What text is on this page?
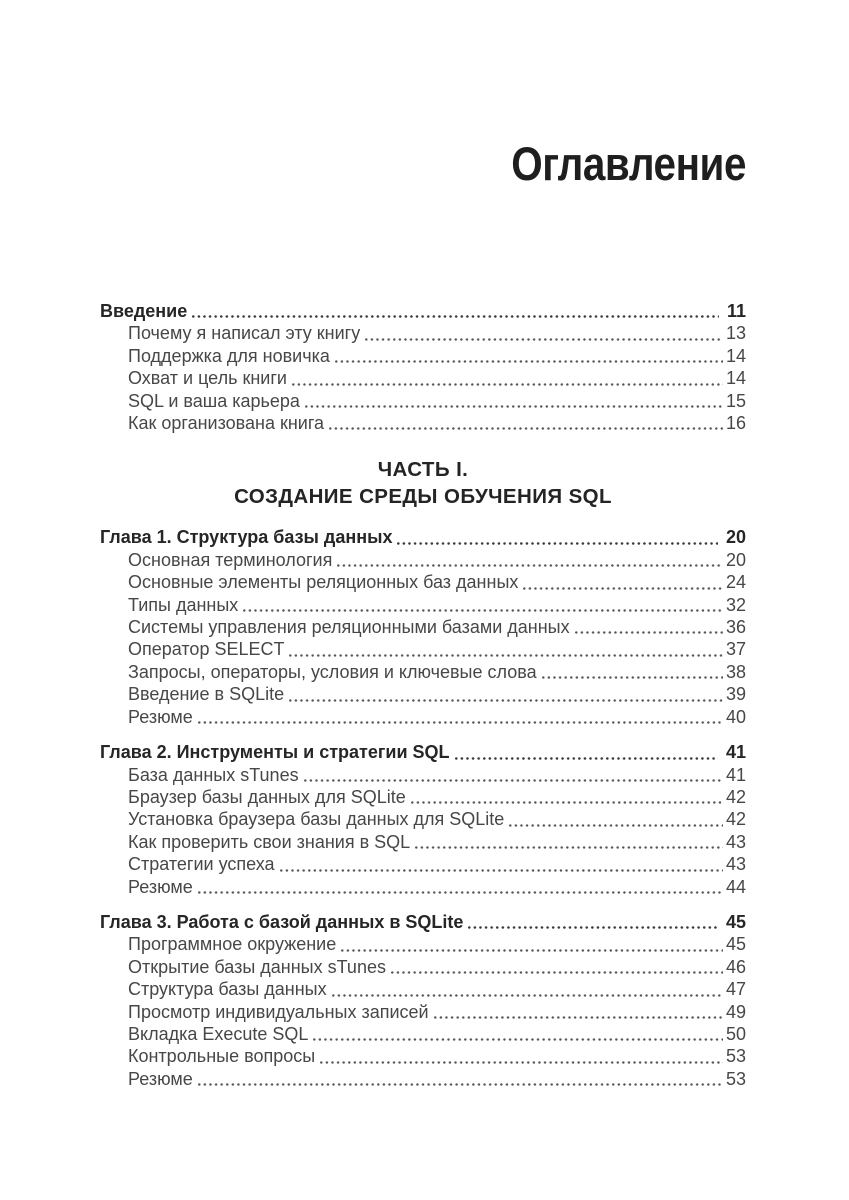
Оглавление
Введение	11
Почему я написал эту книгу	13
Поддержка для новичка	14
Охват и цель книги	14
SQL и ваша карьера	15
Как организована книга	16
ЧАСТЬ I.
СОЗДАНИЕ СРЕДЫ ОБУЧЕНИЯ SQL
Глава 1. Структура базы данных	20
Основная терминология	20
Основные элементы реляционных баз данных	24
Типы данных	32
Системы управления реляционными базами данных	36
Оператор SELECT	37
Запросы, операторы, условия и ключевые слова	38
Введение в SQLite	39
Резюме	40
Глава 2. Инструменты и стратегии SQL	41
База данных sTunes	41
Браузер базы данных для SQLite	42
Установка браузера базы данных для SQLite	42
Как проверить свои знания в SQL	43
Стратегии успеха	43
Резюме	44
Глава 3. Работа с базой данных в SQLite	45
Программное окружение	45
Открытие базы данных sTunes	46
Структура базы данных	47
Просмотр индивидуальных записей	49
Вкладка Execute SQL	50
Контрольные вопросы	53
Резюме	53
